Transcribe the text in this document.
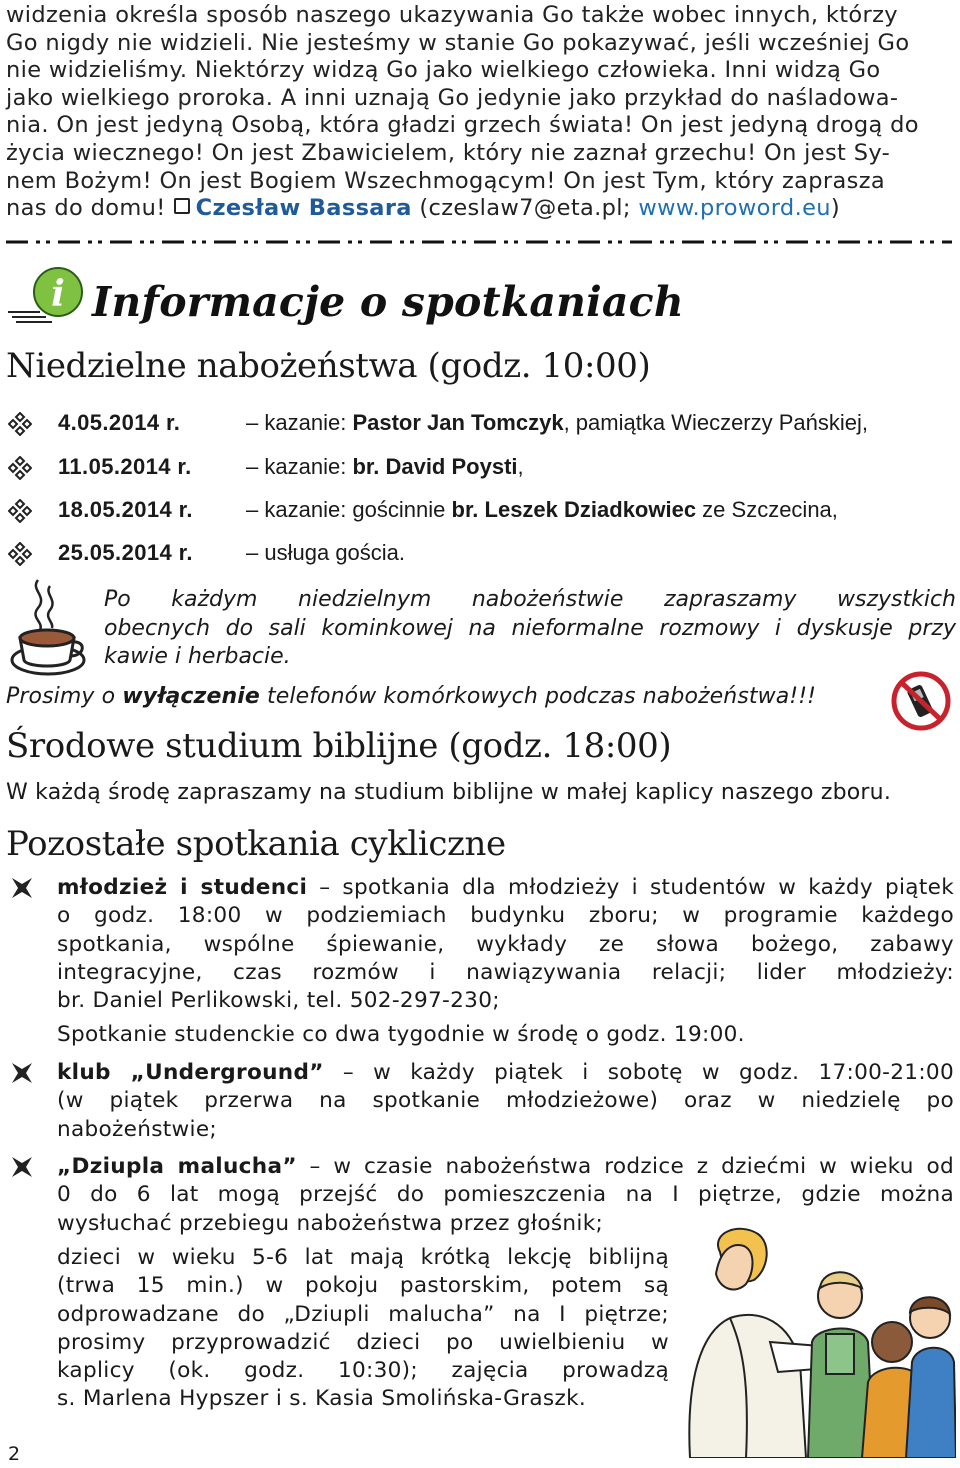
widzenia określa sposób naszego ukazywania Go także wobec innych, którzy

Go nigdy nie widzieli. Nie jesteśmy w stanie Go pokazywać, jeśli wcześniej Go

nie widzieliśmy. Niektórzy widzą Go jako wielkiego człowieka. Inni widzą Go

jako wielkiego proroka. A inni uznają Go jedynie jako przykład do naśladowa-

nia. On jest jedyną Osobą, która gładzi grzech świata! On jest jedyną drogą do

życia wiecznego! On jest Zbawicielem, który nie zaznał grzechu! On jest Sy-

nem Bożym! On jest Bogiem Wszechmogącym! On jest Tym, który zaprasza

nas do domu! Czesław Bassara (czeslaw7@eta.pl; www.proword.eu)

i Informacje o spotkaniach
Niedzielne nabożeństwa (godz. 10:00)
4.05.2014 r.	– kazanie: Pastor Jan Tomczyk, pamiątka Wieczerzy Pańskiej,
11.05.2014 r. – kazanie: br. David Poysti,
18.05.2014 r. – kazanie: gościnnie br. Leszek Dziadkowiec ze Szczecina,
25.05.2014 r. – usługa gościa.

Po każdym niedzielnym nabożeństwie zapraszamy wszystkich

obecnych do sali kominkowej na nieformalne rozmowy i dyskusje przy

kawie i herbacie.

Prosimy o wyłączenie telefonów komórkowych podczas nabożeństwa!!!
Środowe studium biblijne (godz. 18:00)
W każdą środę zapraszamy na studium biblijne w małej kaplicy naszego zboru.
Pozostałe spotkania cykliczne

młodzież i studenci – spotkania dla młodzieży i studentów w każdy piątek

o godz. 18:00 w podziemiach budynku zboru; w programie każdego

spotkania, wspólne śpiewanie, wykłady ze słowa bożego, zabawy

integracyjne, czas rozmów i nawiązywania relacji; lider młodzieży:

br. Daniel Perlikowski, tel. 502-297-230;

Spotkanie studenckie co dwa tygodnie w środę o godz. 19:00.

klub „Underground” – w każdy piątek i sobotę w godz. 17:00-21:00

(w piątek przerwa na spotkanie młodzieżowe) oraz w niedzielę po

nabożeństwie;

„Dziupla malucha” – w czasie nabożeństwa rodzice z dziećmi w wieku od

0 do 6 lat mogą przejść do pomieszczenia na I piętrze, gdzie można

wysłuchać przebiegu nabożeństwa przez głośnik;

dzieci w wieku 5-6 lat mają krótką lekcję biblijną

(trwa 15 min.) w pokoju pastorskim, potem są

odprowadzane do „Dziupli malucha” na I piętrze;

prosimy przyprowadzić dzieci po uwielbieniu w

kaplicy (ok. godz. 10:30); zajęcia prowadzą

s. Marlena Hypszer i s. Kasia Smolińska-Graszk.

2
